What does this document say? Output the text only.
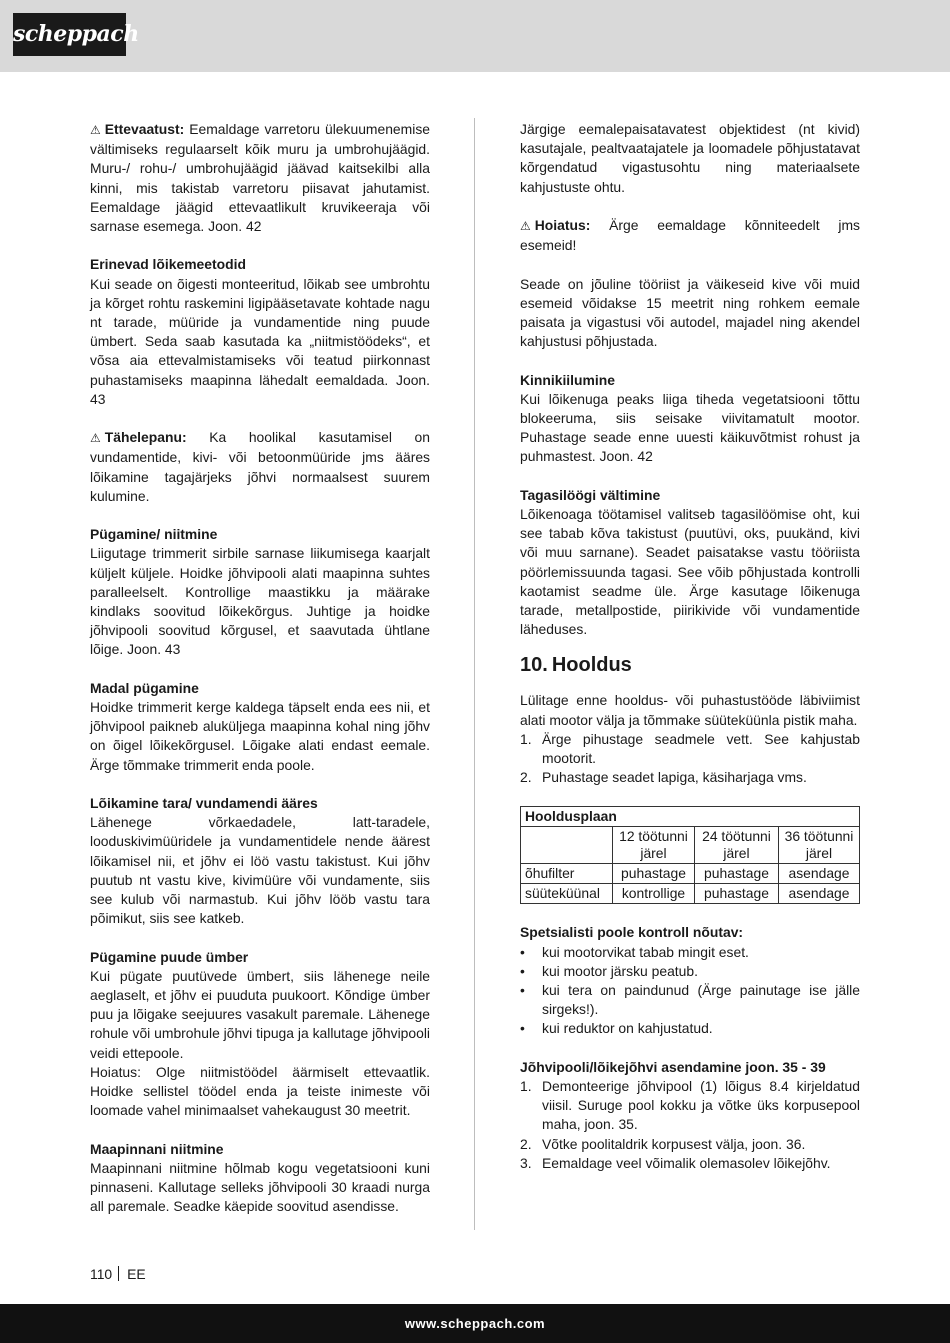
scheppach

⚠ Ettevaatust: Eemaldage varretoru ülekuumenemise vältimiseks regulaarselt kõik muru ja umbrohujäägid. Muru-/ rohu-/ umbrohujäägid jäävad kaitsekilbi alla kinni, mis takistab varretoru piisavat jahutamist. Eemaldage jäägid ettevaatlikult kruvikeeraja või sarnase esemega. Joon. 42

Erinevad lõikemeetodid

Kui seade on õigesti monteeritud, lõikab see umbrohtu ja kõrget rohtu raskemini ligipääsetavate kohtade nagu nt tarade, müüride ja vundamentide ning puude ümbert. Seda saab kasutada ka „niitmistöödeks“, et võsa aia ettevalmistamiseks või teatud piirkonnast puhastamiseks maapinna lähedalt eemaldada. Joon. 43

⚠ Tähelepanu: Ka hoolikal kasutamisel on vundamentide, kivi- või betoonmüüride jms ääres lõikamine tagajärjeks jõhvi normaalsest suurem kulumine.

Pügamine/ niitmine

Liigutage trimmerit sirbile sarnase liikumisega kaarjalt küljelt küljele. Hoidke jõhvipooli alati maapinna suhtes paralleelselt. Kontrollige maastikku ja määrake kindlaks soovitud lõikekõrgus. Juhtige ja hoidke jõhvipooli soovitud kõrgusel, et saavutada ühtlane lõige. Joon. 43

Madal pügamine

Hoidke trimmerit kerge kaldega täpselt enda ees nii, et jõhvipool paikneb aluküljega maapinna kohal ning jõhv on õigel lõikekõrgusel. Lõigake alati endast eemale. Ärge tõmmake trimmerit enda poole.

Lõikamine tara/ vundamendi ääres

Lähenege võrkaedadele, latt-taradele, looduskivimüüridele ja vundamentidele nende äärest lõikamisel nii, et jõhv ei löö vastu takistust. Kui jõhv puutub nt vastu kive, kivimüüre või vundamente, siis see kulub või narmastub. Kui jõhv lööb vastu tara põimikut, siis see katkeb.

Pügamine puude ümber

Kui pügate puutüvede ümbert, siis lähenege neile aeglaselt, et jõhv ei puuduta puukoort. Kõndige ümber puu ja lõigake seejuures vasakult paremale. Lähenege rohule või umbrohule jõhvi tipuga ja kallutage jõhvipooli veidi ettepoole.

Hoiatus: Olge niitmistöödel äärmiselt ettevaatlik. Hoidke sellistel töödel enda ja teiste inimeste või loomade vahel minimaalset vahekaugust 30 meetrit.

Maapinnani niitmine

Maapinnani niitmine hõlmab kogu vegetatsiooni kuni pinnaseni. Kallutage selleks jõhvipooli 30 kraadi nurga all paremale. Seadke käepide soovitud asendisse.

Järgige eemalepaisatavatest objektidest (nt kivid) kasutajale, pealtvaatajatele ja loomadele põhjustatavat kõrgendatud vigastusohtu ning materiaalsete kahjustuste ohtu.

⚠ Hoiatus: Ärge eemaldage kõnniteedelt jms esemeid!

Seade on jõuline tööriist ja väikeseid kive või muid esemeid võidakse 15 meetrit ning rohkem eemale paisata ja vigastusi või autodel, majadel ning akendel kahjustusi põhjustada.

Kinnikiilumine

Kui lõikenuga peaks liiga tiheda vegetatsiooni tõttu blokeeruma, siis seisake viivitamatult mootor. Puhastage seade enne uuesti käikuvõtmist rohust ja puhmastest. Joon. 42

Tagasilöögi vältimine

Lõikenoaga töötamisel valitseb tagasilöömise oht, kui see tabab kõva takistust (puutüvi, oks, puukänd, kivi või muu sarnane). Seadet paisatakse vastu tööriista pöörlemissuunda tagasi. See võib põhjustada kontrolli kaotamist seadme üle. Ärge kasutage lõikenuga tarade, metallpostide, piirikivide või vundamentide läheduses.

10. Hooldus

Lülitage enne hooldus- või puhastustööde läbiviimist alati mootor välja ja tõmmake süüteküünla pistik maha.

1. Ärge pihustage seadmele vett. See kahjustab mootorit.
2. Puhastage seadet lapiga, käsiharjaga vms.
Hooldusplaan			
	12 töötunni järel	24 töötunni järel	36 töötunni järel
õhufilter	puhastage	puhastage	asendage
süüteküünal	kontrollige	puhastage	asendage

Spetsialisti poole kontroll nõutav:

• kui mootorvikat tabab mingit eset.
• kui mootor järsku peatub.
• kui tera on paindunud (Ärge painutage ise jälle sirgeks!).
• kui reduktor on kahjustatud.

Jõhvipooli/lõikejõhvi asendamine joon. 35 - 39

1. Demonteerige jõhvipool (1) lõigus 8.4 kirjeldatud viisil. Suruge pool kokku ja võtke üks korpusepool maha, joon. 35.
2. Võtke poolitaldrik korpusest välja, joon. 36.
3. Eemaldage veel võimalik olemasolev lõikejõhv.
110 EE
www.scheppach.com
